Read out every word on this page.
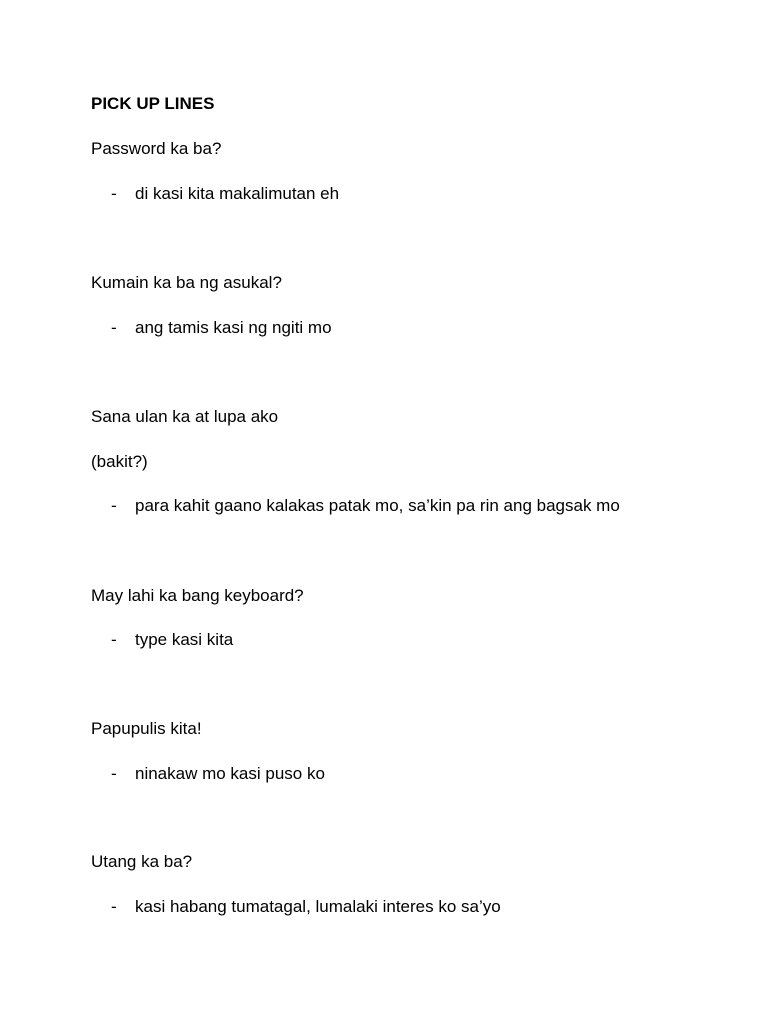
PICK UP LINES
Password ka ba?
- di kasi kita makalimutan eh
Kumain ka ba ng asukal?
- ang tamis kasi ng ngiti mo
Sana ulan ka at lupa ako
(bakit?)
- para kahit gaano kalakas patak mo, sa’kin pa rin ang bagsak mo
May lahi ka bang keyboard?
- type kasi kita
Papupulis kita!
- ninakaw mo kasi puso ko
Utang ka ba?
- kasi habang tumatagal, lumalaki interes ko sa’yo
